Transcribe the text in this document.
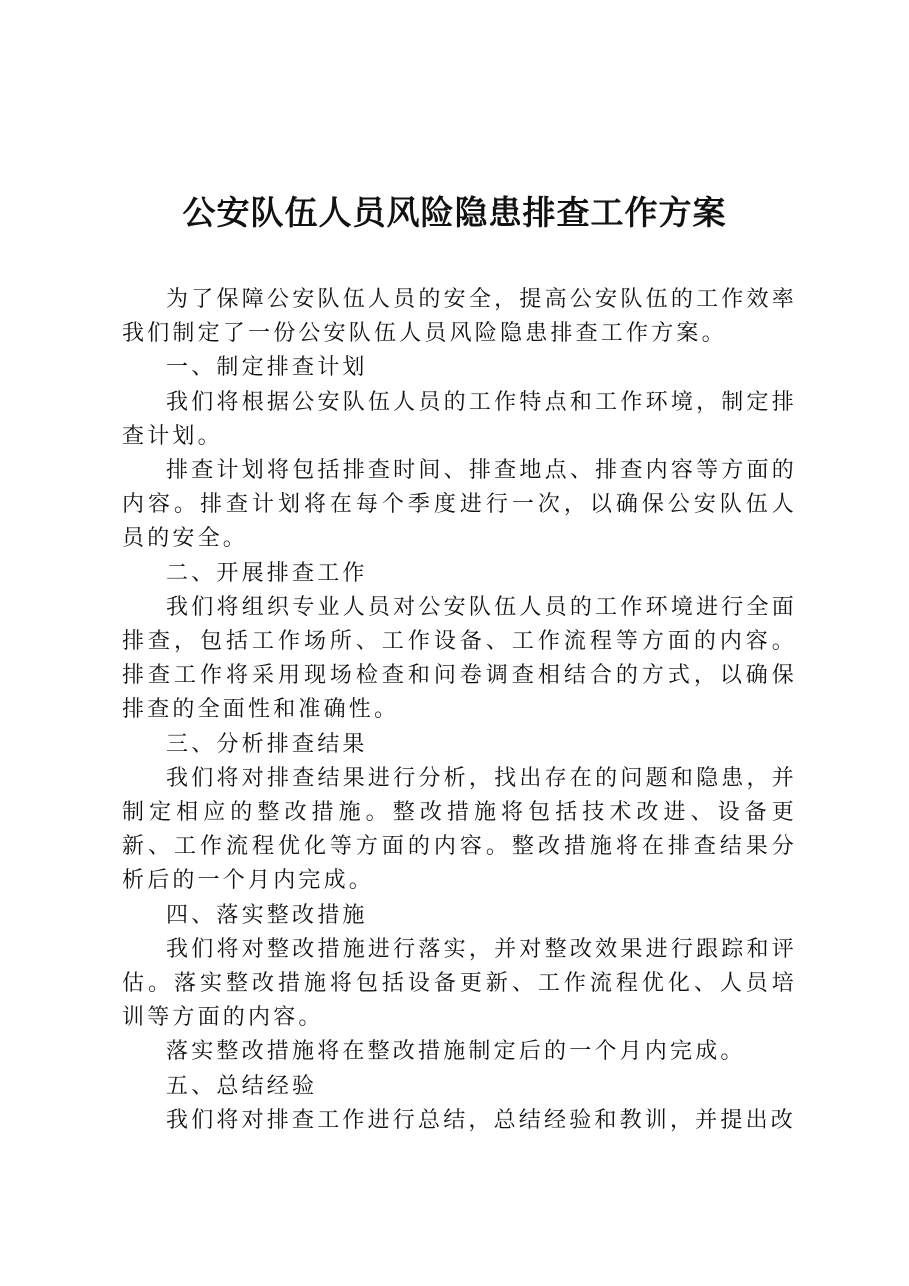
公安队伍人员风险隐患排查工作方案

为了保障公安队伍人员的安全，提高公安队伍的工作效率我们制定了一份公安队伍人员风险隐患排查工作方案。

一、制定排查计划

我们将根据公安队伍人员的工作特点和工作环境，制定排查计划。

排查计划将包括排查时间、排查地点、排查内容等方面的内容。排查计划将在每个季度进行一次，以确保公安队伍人员的安全。

二、开展排查工作

我们将组织专业人员对公安队伍人员的工作环境进行全面排查，包括工作场所、工作设备、工作流程等方面的内容。排查工作将采用现场检查和问卷调查相结合的方式，以确保排查的全面性和准确性。

三、分析排查结果

我们将对排查结果进行分析，找出存在的问题和隐患，并制定相应的整改措施。整改措施将包括技术改进、设备更新、工作流程优化等方面的内容。整改措施将在排查结果分析后的一个月内完成。

四、落实整改措施

我们将对整改措施进行落实，并对整改效果进行跟踪和评估。落实整改措施将包括设备更新、工作流程优化、人员培训等方面的内容。

落实整改措施将在整改措施制定后的一个月内完成。

五、总结经验

我们将对排查工作进行总结，总结经验和教训，并提出改
